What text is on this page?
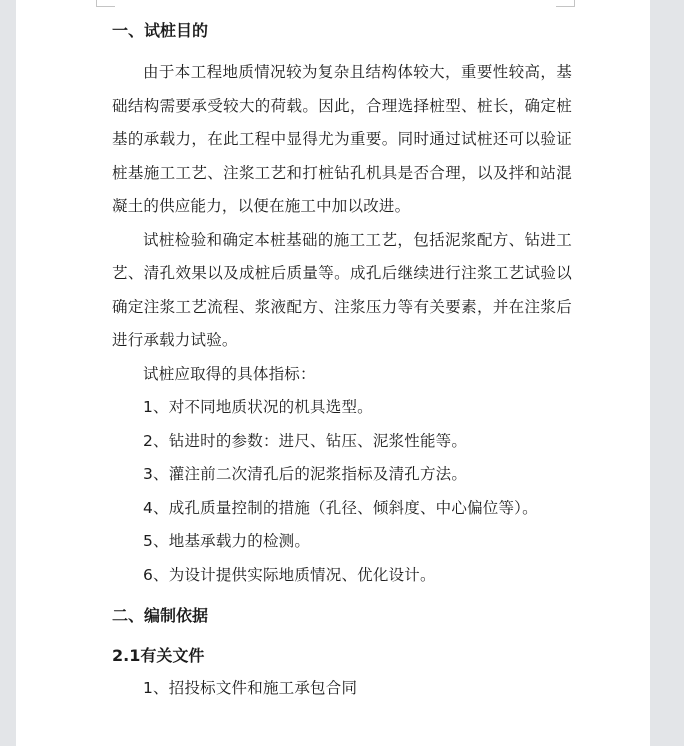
一、试桩目的

由于本工程地质情况较为复杂且结构体较大，重要性较高，基础结构需要承受较大的荷载。因此，合理选择桩型、桩长，确定桩基的承载力，在此工程中显得尤为重要。同时通过试桩还可以验证桩基施工工艺、注浆工艺和打桩钻孔机具是否合理，以及拌和站混凝土的供应能力，以便在施工中加以改进。

试桩检验和确定本桩基础的施工工艺，包括泥浆配方、钻进工艺、清孔效果以及成桩后质量等。成孔后继续进行注浆工艺试验以确定注浆工艺流程、浆液配方、注浆压力等有关要素，并在注浆后进行承载力试验。

试桩应取得的具体指标：

1、对不同地质状况的机具选型。

2、钻进时的参数：进尺、钻压、泥浆性能等。

3、灌注前二次清孔后的泥浆指标及清孔方法。

4、成孔质量控制的措施（孔径、倾斜度、中心偏位等）。

5、地基承载力的检测。

6、为设计提供实际地质情况、优化设计。

二、编制依据

2.1有关文件

1、招投标文件和施工承包合同
